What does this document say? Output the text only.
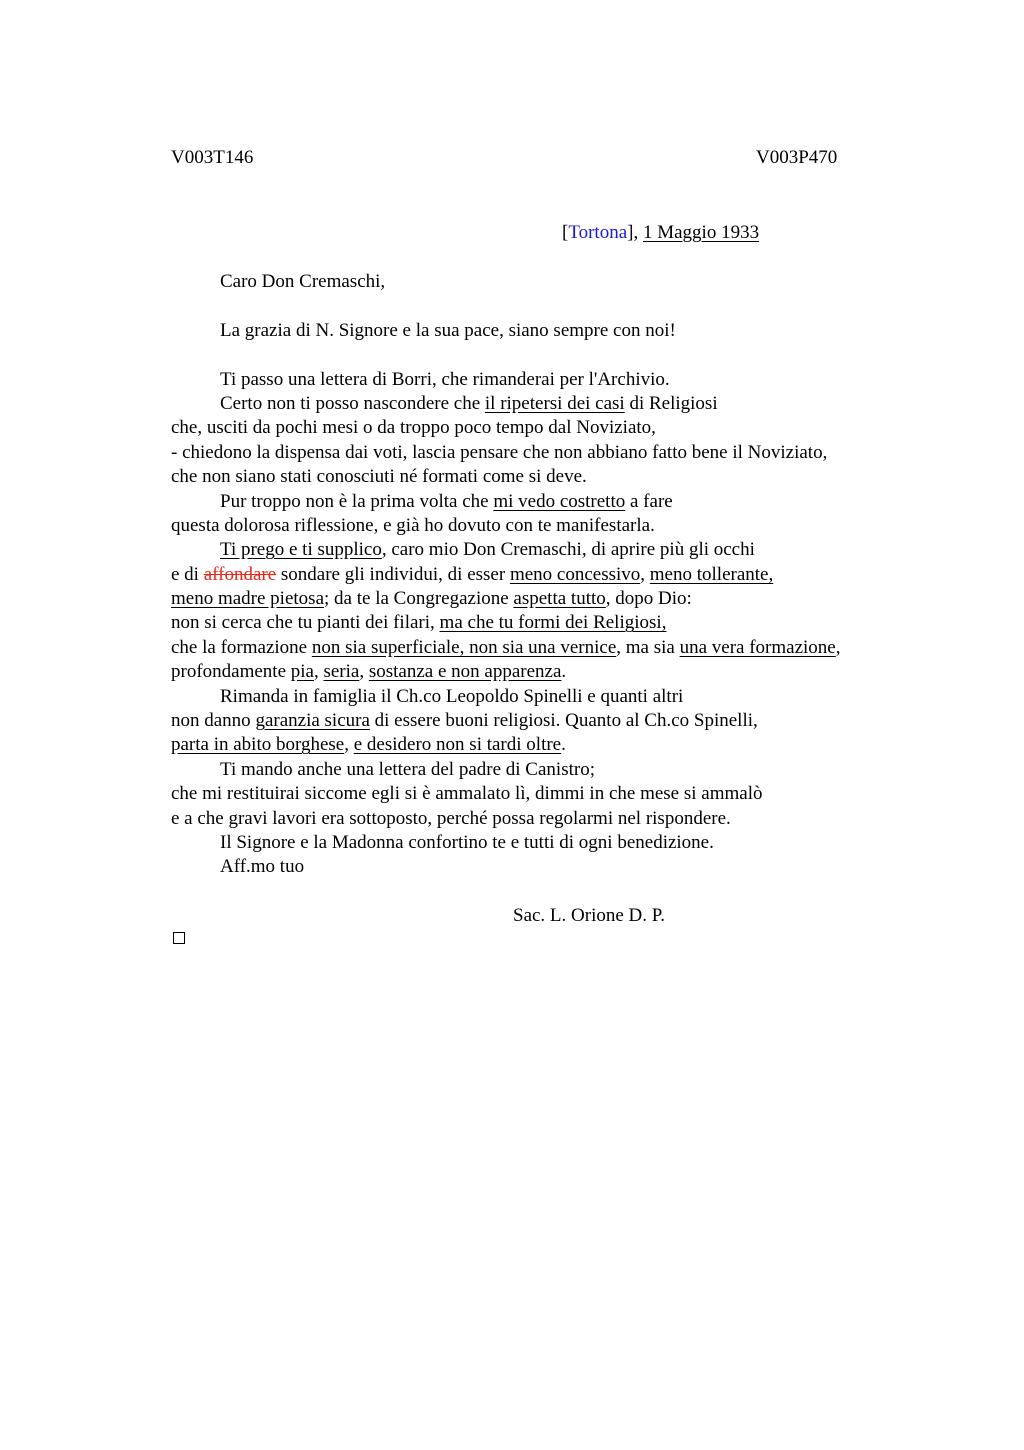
V003T146	V003P470
[Tortona], 1 Maggio 1933
Caro Don Cremaschi,
La grazia di N. Signore e la sua pace, siano sempre con noi!
Ti passo una lettera di Borri, che rimanderai per l'Archivio.
Certo non ti posso nascondere che il ripetersi dei casi di Religiosi
che, usciti da pochi mesi o da troppo poco tempo dal Noviziato,
- chiedono la dispensa dai voti, lascia pensare che non abbiano fatto bene il Noviziato,
che non siano stati conosciuti né formati come si deve.
Pur troppo non è la prima volta che mi vedo costretto a fare
questa dolorosa riflessione, e già ho dovuto con te manifestarla.
Ti prego e ti supplico, caro mio Don Cremaschi, di aprire più gli occhi
e di affondare sondare gli individui, di esser meno concessivo, meno tollerante,
meno madre pietosa; da te la Congregazione aspetta tutto, dopo Dio:
non si cerca che tu pianti dei filari, ma che tu formi dei Religiosi,
che la formazione non sia superficiale, non sia una vernice, ma sia una vera formazione,
profondamente pia, seria, sostanza e non apparenza.
Rimanda in famiglia il Ch.co Leopoldo Spinelli e quanti altri
non danno garanzia sicura di essere buoni religiosi. Quanto al Ch.co Spinelli,
parta in abito borghese, e desidero non si tardi oltre.
Ti mando anche una lettera del padre di Canistro;
che mi restituirai siccome egli si è ammalato lì, dimmi in che mese si ammalò
e a che gravi lavori era sottoposto, perché possa regolarmi nel rispondere.
Il Signore e la Madonna confortino te e tutti di ogni benedizione.
Aff.mo tuo
Sac. L. Orione D. P.
